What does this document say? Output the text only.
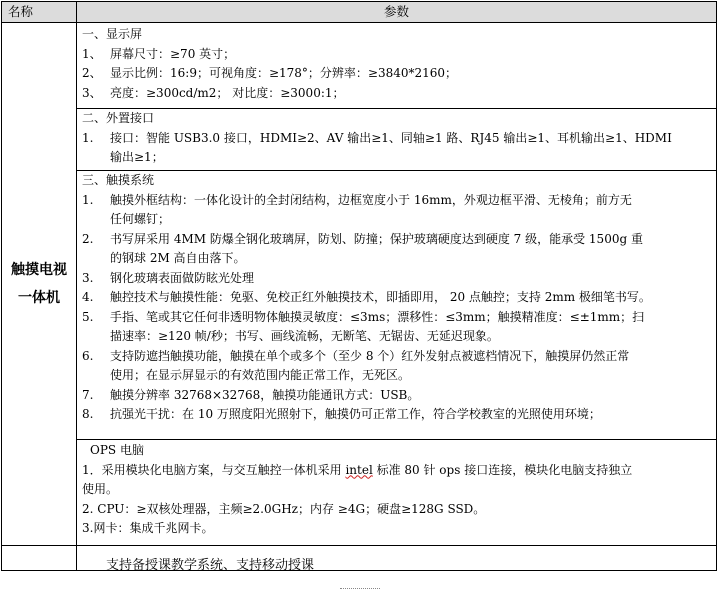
名称	参数
触摸电视
一体机
一、显示屏
1、 屏幕尺寸：≥70 英寸；
2、 显示比例：16:9；可视角度：≥178°；分辨率：≥3840*2160；
3、 亮度：≥300cd/m2； 对比度：≥3000:1；
二、外置接口
1. 接口：智能 USB3.0 接口，HDMI≥2、AV 输出≥1、同轴≥1 路、RJ45 输出≥1、耳机输出≥1、HDMI
输出≥1；
三、触摸系统
1. 触摸外框结构：一体化设计的全封闭结构，边框宽度小于 16mm，外观边框平滑、无棱角；前方无
任何螺钉；
2. 书写屏采用 4MM 防爆全钢化玻璃屏，防划、防撞；保护玻璃硬度达到硬度 7 级，能承受 1500g 重
的钢球 2M 高自由落下。
3. 钢化玻璃表面做防眩光处理
4. 触控技术与触摸性能：免驱、免校正红外触摸技术，即插即用， 20 点触控；支持 2mm 极细笔书写。
5. 手指、笔或其它任何非透明物体触摸灵敏度：≤3ms；漂移性：≤3mm；触摸精准度：≤±1mm；扫
描速率：≥120 帧/秒；书写、画线流畅，无断笔、无锯齿、无延迟现象。
6. 支持防遮挡触摸功能，触摸在单个或多个（至少 8 个）红外发射点被遮档情况下，触摸屏仍然正常
使用；在显示屏显示的有效范围内能正常工作，无死区。
7. 触摸分辨率 32768×32768，触摸功能通讯方式：USB。
8. 抗强光干扰：在 10 万照度阳光照射下，触摸仍可正常工作，符合学校教室的光照使用环境；
OPS 电脑
1．采用模块化电脑方案，与交互触控一体机采用 intel 标准 80 针 ops 接口连接，模块化电脑支持独立
使用。
2. CPU：≥双核处理器，主频≥2.0GHz；内存 ≥4G；硬盘≥128G SSD。
3.网卡：集成千兆网卡。
支持备授课教学系统、支持移动授课
